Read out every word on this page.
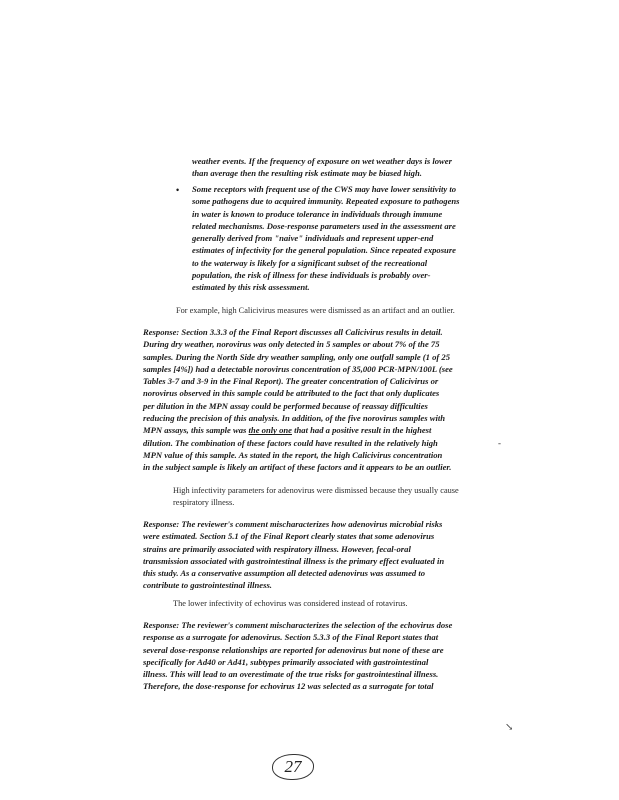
weather events. If the frequency of exposure on wet weather days is lower
than average then the resulting risk estimate may be biased high.
• Some receptors with frequent use of the CWS may have lower sensitivity to
some pathogens due to acquired immunity. Repeated exposure to pathogens
in water is known to produce tolerance in individuals through immune
related mechanisms. Dose-response parameters used in the assessment are
generally derived from "naive" individuals and represent upper-end
estimates of infectivity for the general population. Since repeated exposure
to the waterway is likely for a significant subset of the recreational
population, the risk of illness for these individuals is probably over-
estimated by this risk assessment.
For example, high Calicivirus measures were dismissed as an artifact and an outlier.
Response: Section 3.3.3 of the Final Report discusses all Calicivirus results in detail.
During dry weather, norovirus was only detected in 5 samples or about 7% of the 75
samples. During the North Side dry weather sampling, only one outfall sample (1 of 25
samples [4%]) had a detectable norovirus concentration of 35,000 PCR-MPN/100L (see
Tables 3-7 and 3-9 in the Final Report). The greater concentration of Calicivirus or
norovirus observed in this sample could be attributed to the fact that only duplicates
per dilution in the MPN assay could be performed because of reassay difficulties
reducing the precision of this analysis. In addition, of the five norovirus samples with
MPN assays, this sample was the only one that had a positive result in the highest
dilution. The combination of these factors could have resulted in the relatively high
MPN value of this sample. As stated in the report, the high Calicivirus concentration
in the subject sample is likely an artifact of these factors and it appears to be an outlier.
-
High infectivity parameters for adenovirus were dismissed because they usually cause
respiratory illness.
Response: The reviewer's comment mischaracterizes how adenovirus microbial risks
were estimated. Section 5.1 of the Final Report clearly states that some adenovirus
strains are primarily associated with respiratory illness. However, fecal-oral
transmission associated with gastrointestinal illness is the primary effect evaluated in
this study. As a conservative assumption all detected adenovirus was assumed to
contribute to gastrointestinal illness.
The lower infectivity of echovirus was considered instead of rotavirus.
Response: The reviewer's comment mischaracterizes the selection of the echovirus dose
response as a surrogate for adenovirus. Section 5.3.3 of the Final Report states that
several dose-response relationships are reported for adenovirus but none of these are
specifically for Ad40 or Ad41, subtypes primarily associated with gastrointestinal
illness. This will lead to an overestimate of the true risks for gastrointestinal illness.
Therefore, the dose-response for echovirus 12 was selected as a surrogate for total
↘
27
